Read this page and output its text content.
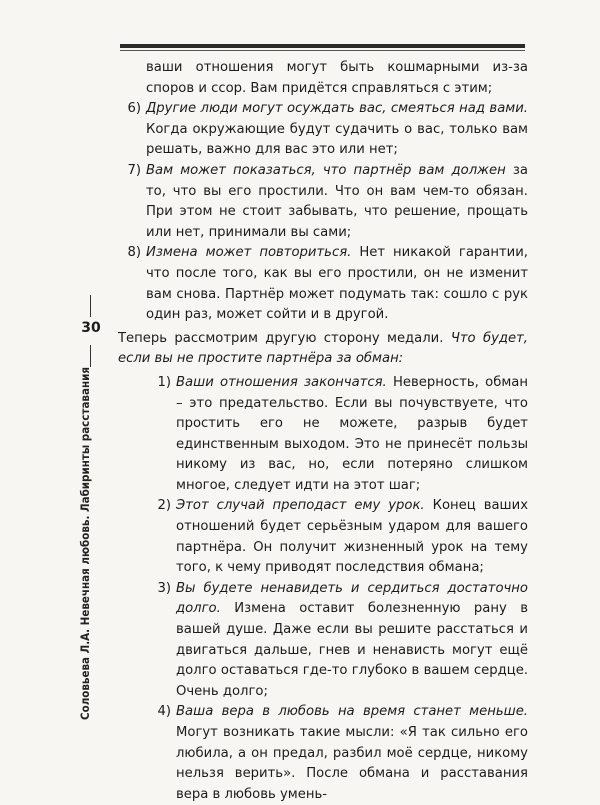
30
Соловьева Л.А. Невечная любовь. Лабиринты расставания

ваши отношения могут быть кошмарными из-за споров и ссор. Вам придётся справляться с этим;

6) Другие люди могут осуждать вас, смеяться над вами. Когда окружающие будут судачить о вас, только вам решать, важно для вас это или нет;
7) Вам может показаться, что партнёр вам должен за то, что вы его простили. Что он вам чем-то обязан. При этом не стоит забывать, что решение, прощать или нет, принимали вы сами;
8) Измена может повториться. Нет никакой гарантии, что после того, как вы его простили, он не изменит вам снова. Партнёр может подумать так: сошло с рук один раз, может сойти и в другой.

Теперь рассмотрим другую сторону медали. Что будет, если вы не простите партнёра за обман:

1) Ваши отношения закончатся. Неверность, обман – это предательство. Если вы почувствуете, что простить его не можете, разрыв будет единственным выходом. Это не принесёт пользы никому из вас, но, если потеряно слишком многое, следует идти на этот шаг;
2) Этот случай преподаст ему урок. Конец ваших отношений будет серьёзным ударом для вашего партнёра. Он получит жизненный урок на тему того, к чему приводят последствия обмана;
3) Вы будете ненавидеть и сердиться достаточно долго. Измена оставит болезненную рану в вашей душе. Даже если вы решите расстаться и двигаться дальше, гнев и ненависть могут ещё долго оставаться где-то глубоко в вашем сердце. Очень долго;
4) Ваша вера в любовь на время станет меньше. Могут возникать такие мысли: «Я так сильно его любила, а он предал, разбил моё сердце, никому нельзя верить». После обмана и расставания вера в любовь умень-
